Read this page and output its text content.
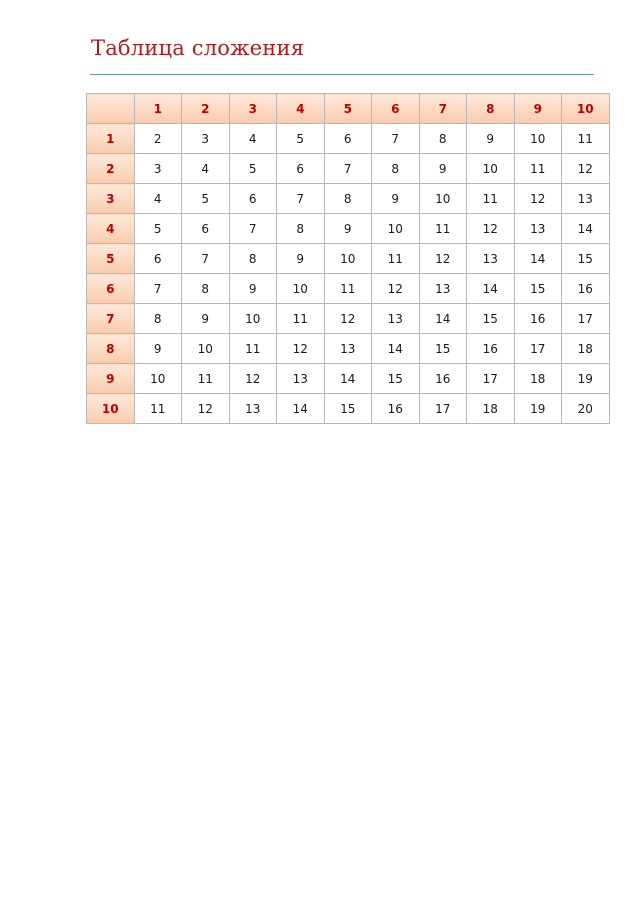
Таблица сложения
	1	2	3	4	5	6	7	8	9	10
1	2	3	4	5	6	7	8	9	10	11
2	3	4	5	6	7	8	9	10	11	12
3	4	5	6	7	8	9	10	11	12	13
4	5	6	7	8	9	10	11	12	13	14
5	6	7	8	9	10	11	12	13	14	15
6	7	8	9	10	11	12	13	14	15	16
7	8	9	10	11	12	13	14	15	16	17
8	9	10	11	12	13	14	15	16	17	18
9	10	11	12	13	14	15	16	17	18	19
10	11	12	13	14	15	16	17	18	19	20
